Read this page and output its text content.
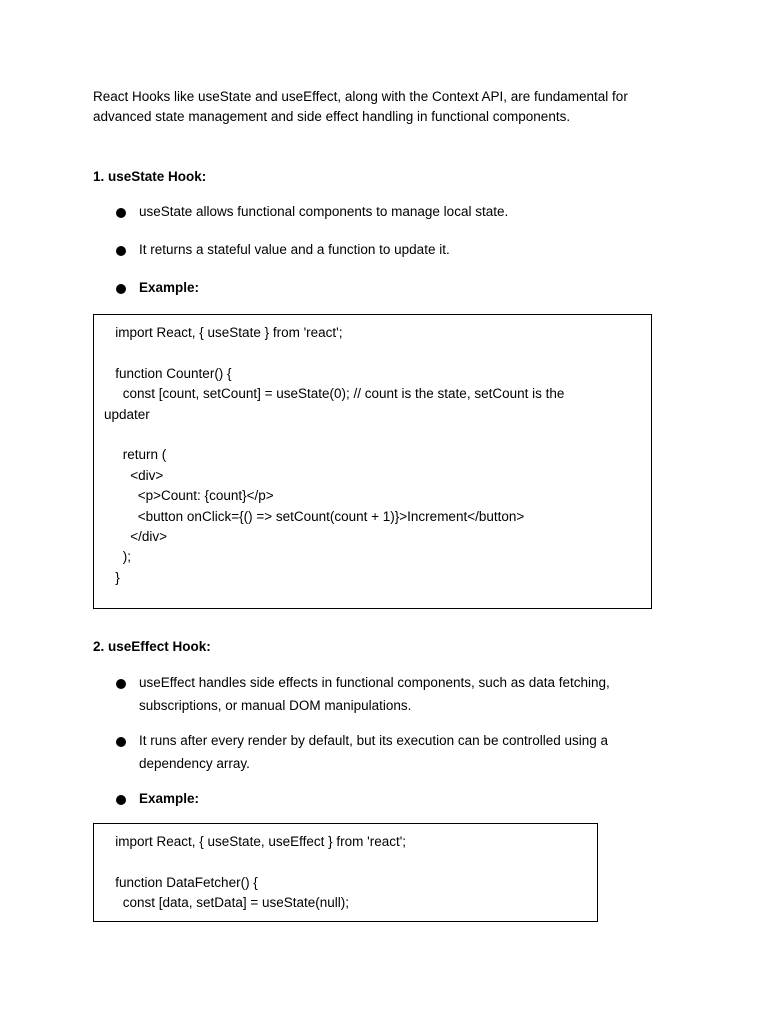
React Hooks like useState and useEffect, along with the Context API, are fundamental for advanced state management and side effect handling in functional components.

1. useState Hook:
useState allows functional components to manage local state.
It returns a stateful value and a function to update it.
Example:
import React, { useState } from 'react';
function Counter() {
const [count, setCount] = useState(0); // count is the state, setCount is the
updater
return (
<div>
<p>Count: {count}</p>
<button onClick={() => setCount(count + 1)}>Increment</button>
</div>
);
}
2. useEffect Hook:
useEffect handles side effects in functional components, such as data fetching, subscriptions, or manual DOM manipulations.
It runs after every render by default, but its execution can be controlled using a dependency array.
Example:
import React, { useState, useEffect } from 'react';
function DataFetcher() {
const [data, setData] = useState(null);
